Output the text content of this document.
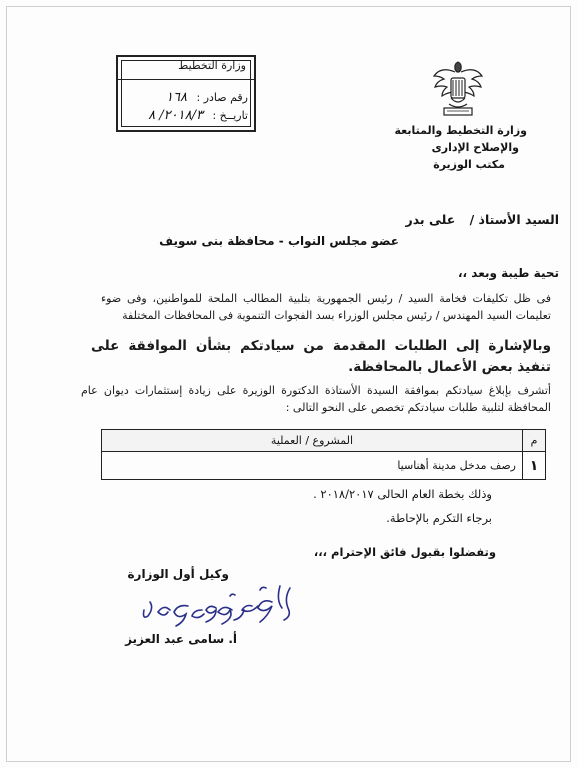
وزارة التخطيط
رقم صادر : ١٦٨
تاريــخ : ٢٠١٨/٣/ ٨
وزارة التخطيط والمتابعة
والإصلاح الإدارى
مكتب الوزيرة
السيد الأستاذ / على بدر
عضو مجلس النواب - محافظة بنى سويف
تحية طيبة وبعد ،،
فى ظل تكليفات فخامة السيد / رئيس الجمهورية بتلبية المطالب الملحة للمواطنين، وفى ضوء تعليمات السيد المهندس / رئيس مجلس الوزراء بسد الفجوات التنموية فى المحافظات المختلفة
وبالإشارة إلى الطلبات المقدمة من سيادتكم بشأن الموافقة على تنفيذ بعض الأعمال بالمحافظة.
أتشرف بإبلاغ سيادتكم بموافقة السيدة الأستاذة الدكتورة الوزيرة على زيادة إستثمارات ديوان عام المحافظة لتلبية طلبات سيادتكم تخصص على النحو التالى :
م	المشروع / العملية
١	رصف مدخل مدينة أهناسيا
وذلك بخطة العام الحالى ٢٠١٨/٢٠١٧ .
برجاء التكرم بالإحاطة.
وتفضلوا بقبول فائق الإحترام ،،،
وكيل أول الوزارة
أ. سامى عبد العزيز
